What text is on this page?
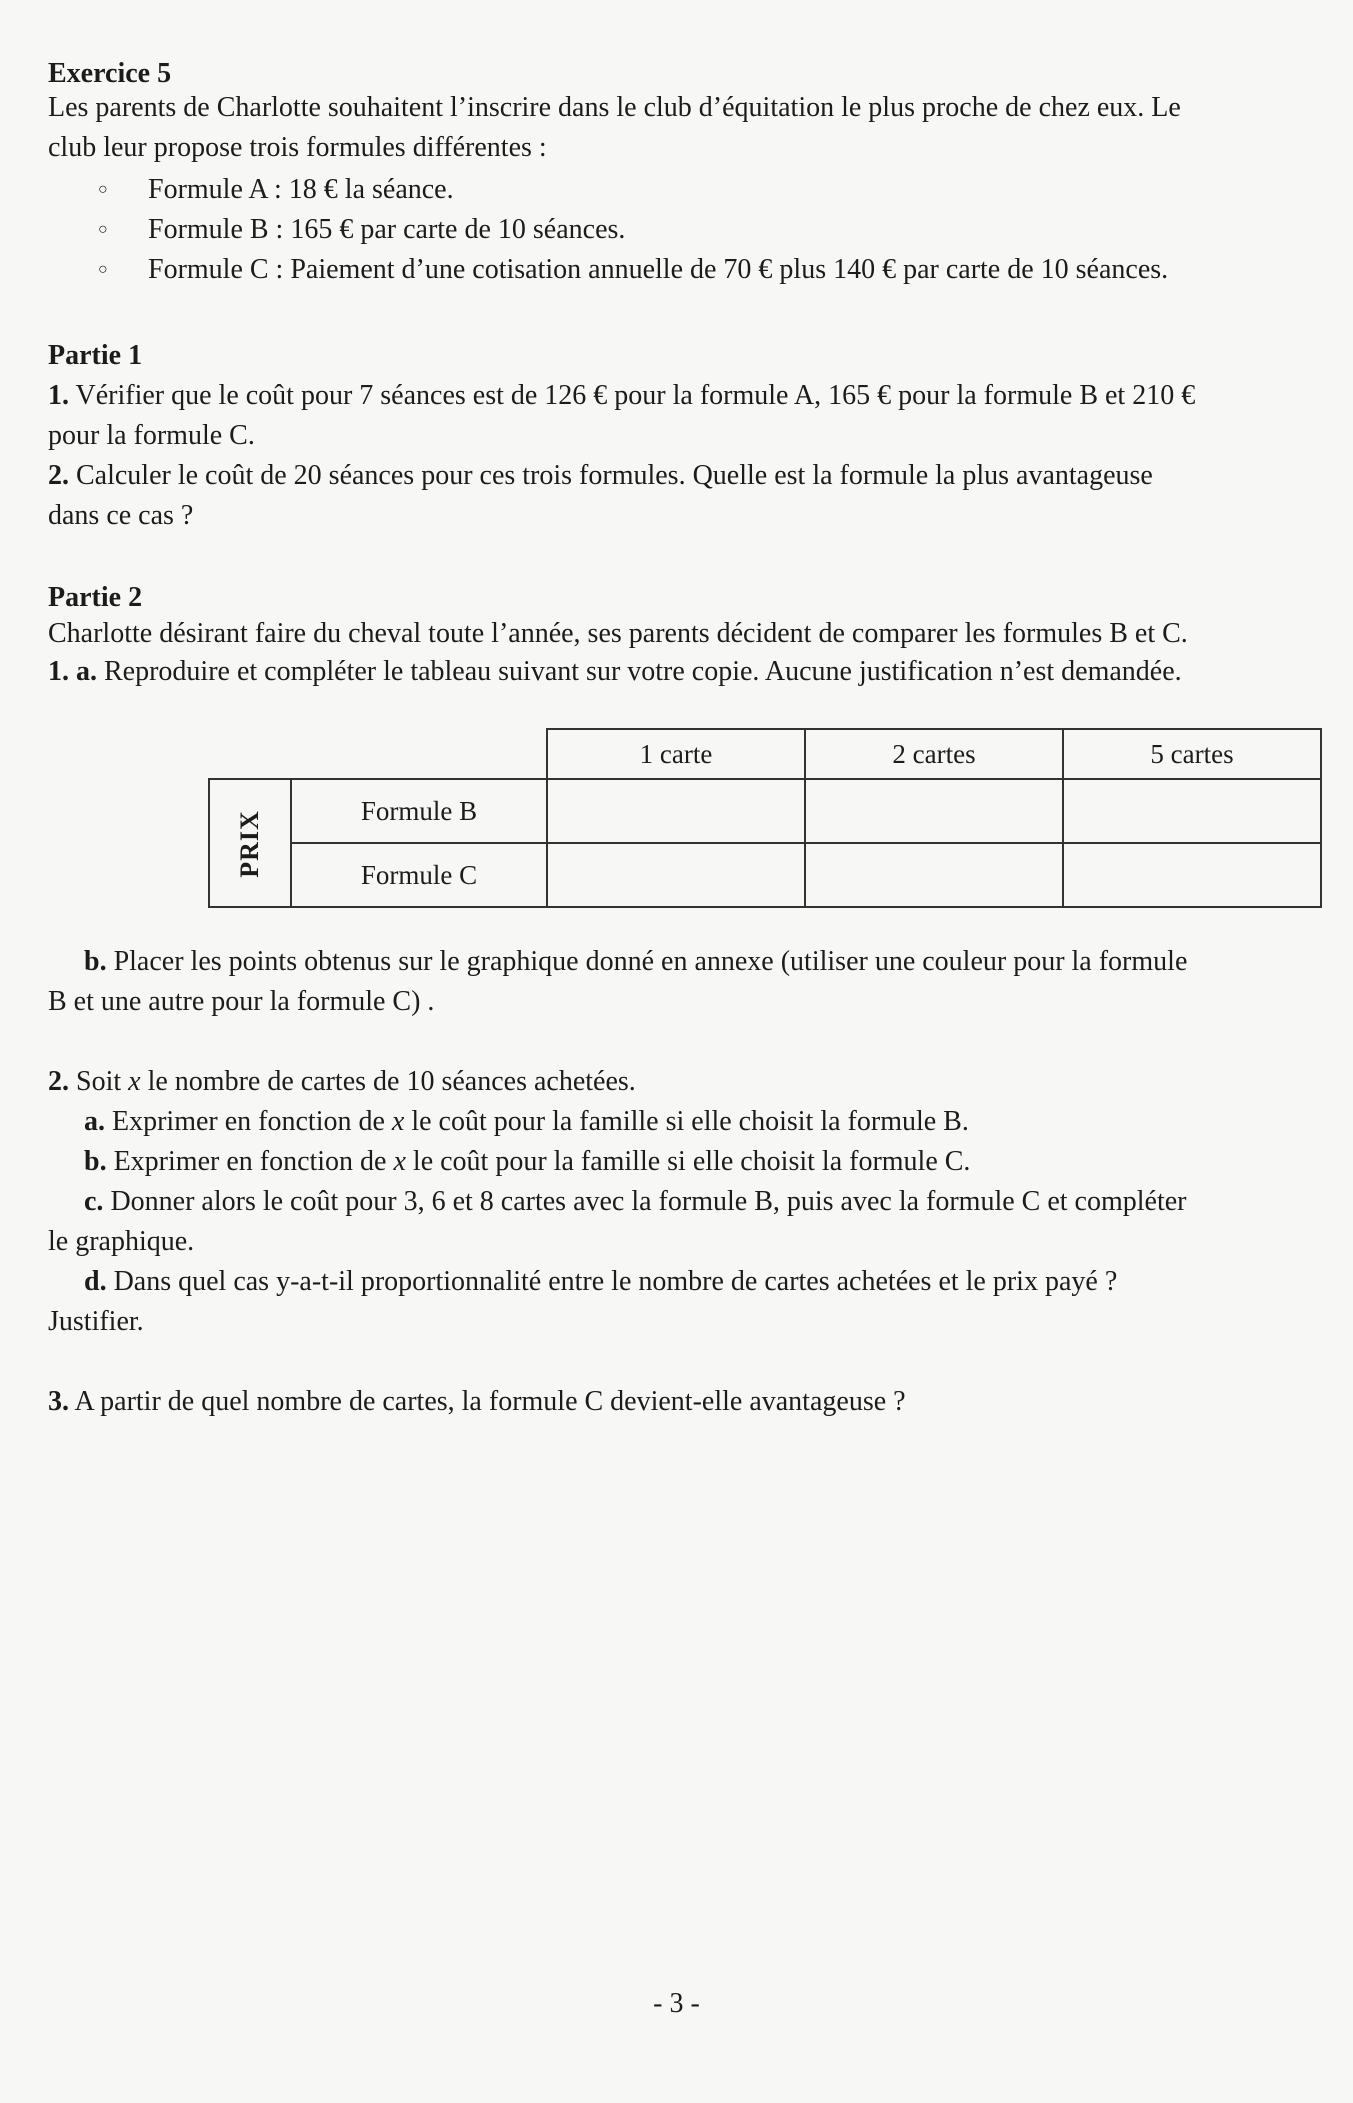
Exercice 5
Les parents de Charlotte souhaitent l’inscrire dans le club d’équitation le plus proche de chez eux. Le
club leur propose trois formules différentes :
○ Formule A : 18 € la séance.
○ Formule B : 165 € par carte de 10 séances.
○ Formule C : Paiement d’une cotisation annuelle de 70 € plus 140 € par carte de 10 séances.
Partie 1
1. Vérifier que le coût pour 7 séances est de 126 € pour la formule A, 165 € pour la formule B et 210 €
pour la formule C.
2. Calculer le coût de 20 séances pour ces trois formules. Quelle est la formule la plus avantageuse
dans ce cas ?
Partie 2
Charlotte désirant faire du cheval toute l’année, ses parents décident de comparer les formules B et C.
1. a. Reproduire et compléter le tableau suivant sur votre copie. Aucune justification n’est demandée.
		1 carte	2 cartes	5 cartes
PRIX	Formule B			
	Formule C			
b. Placer les points obtenus sur le graphique donné en annexe (utiliser une couleur pour la formule
B et une autre pour la formule C) .
2. Soit x le nombre de cartes de 10 séances achetées.
a. Exprimer en fonction de x le coût pour la famille si elle choisit la formule B.
b. Exprimer en fonction de x le coût pour la famille si elle choisit la formule C.
c. Donner alors le coût pour 3, 6 et 8 cartes avec la formule B, puis avec la formule C et compléter
le graphique.
d. Dans quel cas y-a-t-il proportionnalité entre le nombre de cartes achetées et le prix payé ?
Justifier.
3. A partir de quel nombre de cartes, la formule C devient-elle avantageuse ?
- 3 -
